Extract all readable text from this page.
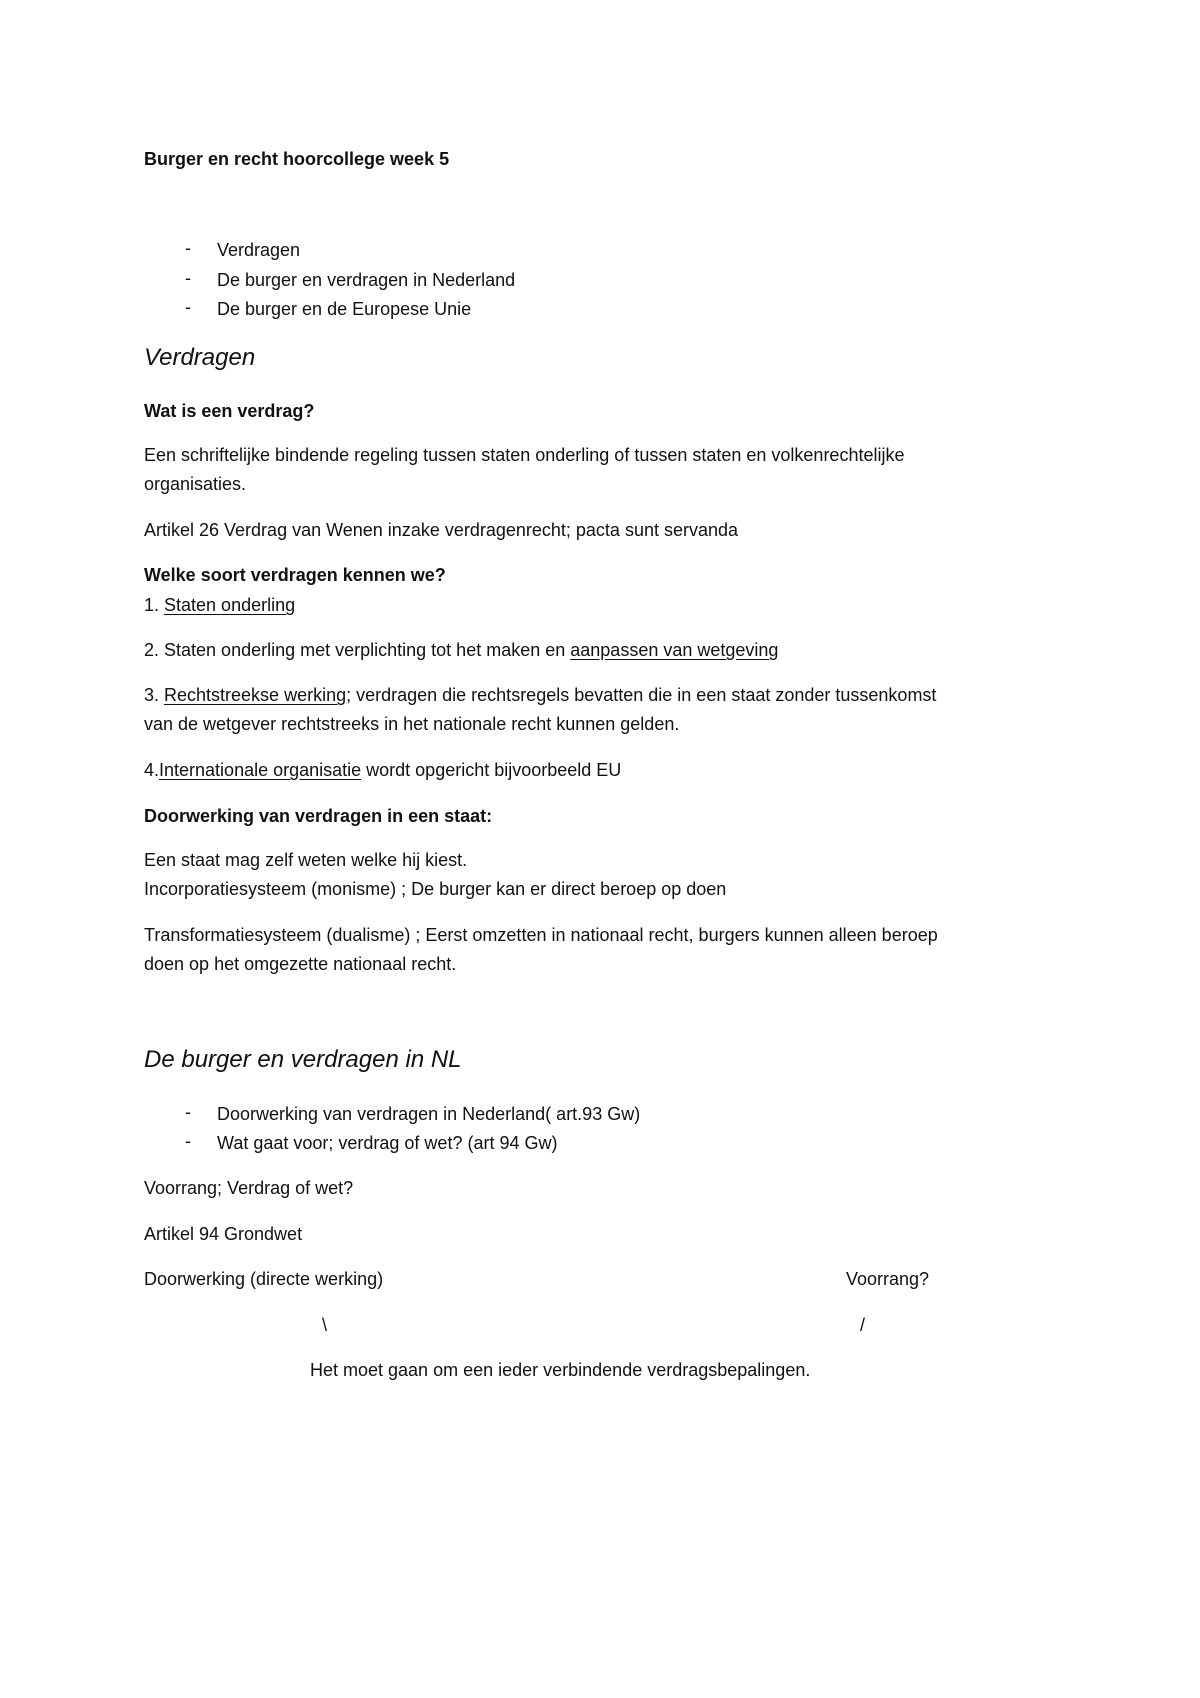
Burger en recht hoorcollege week 5
- Verdragen
- De burger en verdragen in Nederland
- De burger en de Europese Unie
Verdragen
Wat is een verdrag?
Een schriftelijke bindende regeling tussen staten onderling of tussen staten en volkenrechtelijke
organisaties.
Artikel 26 Verdrag van Wenen inzake verdragenrecht; pacta sunt servanda
Welke soort verdragen kennen we?
1. Staten onderling
2. Staten onderling met verplichting tot het maken en aanpassen van wetgeving
3. Rechtstreekse werking; verdragen die rechtsregels bevatten die in een staat zonder tussenkomst
van de wetgever rechtstreeks in het nationale recht kunnen gelden.
4.Internationale organisatie wordt opgericht bijvoorbeeld EU
Doorwerking van verdragen in een staat:
Een staat mag zelf weten welke hij kiest.
Incorporatiesysteem (monisme) ; De burger kan er direct beroep op doen
Transformatiesysteem (dualisme) ; Eerst omzetten in nationaal recht, burgers kunnen alleen beroep
doen op het omgezette nationaal recht.
De burger en verdragen in NL
- Doorwerking van verdragen in Nederland( art.93 Gw)
- Wat gaat voor; verdrag of wet? (art 94 Gw)
Voorrang; Verdrag of wet?
Artikel 94 Grondwet
Doorwerking (directe werking)	Voorrang?
\	/
Het moet gaan om een ieder verbindende verdragsbepalingen.
